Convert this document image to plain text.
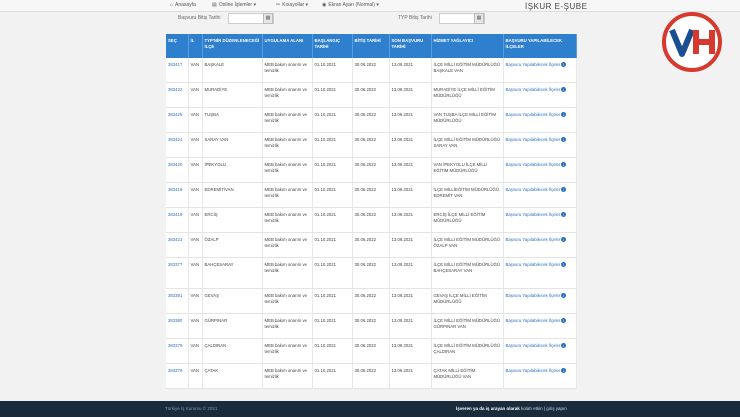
⌂ Anasayfa	▤ Online İşlemler ▾	✂ Kısayollar ▾	◉ Ekran Ayarı (Normal) ▾	İŞKUR E-ŞUBE
Başvuru Bitiş Tarihi	▦	TYP Bitiş Tarihi	▦
SEÇ	İL	TYP'NİN DÜZENLENECEĞİ İLÇE	UYGULAMA ALANI	BAŞLANGIÇ TARİHİ	BİTİŞ TARİHİ	SON BAŞVURU TARİHİ	HİZMET YAĞLAYICI	BAŞVURU YAPILABİLECEK İLÇELER
383417	VAN	BAŞKALE	MEB bakım onarım ve temizlik	01.10.2021	30.06.2022	13.09.2021	İLÇE MİLLİ EĞİTİM MÜDÜRLÜĞÜ BAŞKALE VAN	Başvuru Yapılabilecek İlçeler i
383422	VAN	MURADİYE	MEB bakım onarım ve temizlik	01.10.2021	30.06.2022	13.09.2021	MURADİYE İLÇE MİLLİ EĞİTİM MÜDÜRLÜĞÜ	Başvuru Yapılabilecek İlçeler i
383425	VAN	TUŞBA	MEB bakım onarım ve temizlik	01.10.2021	30.06.2022	13.09.2021	VAN TUŞBA İLÇE MİLLİ EĞİTİM MÜDÜRLÜĞÜ	Başvuru Yapılabilecek İlçeler i
383424	VAN	SARAY VAN	MEB bakım onarım ve temizlik	01.10.2021	30.06.2022	13.09.2021	İLÇE MİLLİ EĞİTİM MÜDÜRLÜĞÜ SARAY VAN	Başvuru Yapılabilecek İlçeler i
383420	VAN	İPEKYOLU	MEB bakım onarım ve temizlik	01.10.2021	30.06.2022	13.09.2021	VAN İPEKYOLU İLÇE MİLLİ EĞİTİM MÜDÜRLÜĞÜ	Başvuru Yapılabilecek İlçeler i
383418	VAN	EDREMİT/VAN	MEB bakım onarım ve temizlik	01.10.2021	30.06.2022	13.09.2021	İLÇE MİLLİEĞİTİM MÜDÜRLÜĞÜ EDREMİT VAN	Başvuru Yapılabilecek İlçeler i
383419	VAN	ERCİŞ	MEB bakım onarım ve temizlik	01.10.2021	30.06.2022	13.09.2021	ERCİŞ İLÇE MİLLİ EĞİTİM MÜDÜRLÜĞÜ	Başvuru Yapılabilecek İlçeler i
383423	VAN	ÖZALP	MEB bakım onarım ve temizlik	01.10.2021	30.06.2022	13.09.2021	İLÇE MİLLİ EĞİTİM MÜDÜRLÜĞÜ ÖZALP VAN	Başvuru Yapılabilecek İlçeler i
383377	VAN	BAHÇESARAY	MEB bakım onarım ve temizlik	01.10.2021	30.06.2022	13.09.2021	İLÇE MİLLİ EĞİTİM MÜDÜRLÜĞÜ BAHÇESARAY VAN	Başvuru Yapılabilecek İlçeler i
383381	VAN	GEVAŞ	MEB bakım onarım ve temizlik	01.10.2021	30.06.2022	13.09.2021	GEVAŞ İLÇE MİLLİ EĞİTİM MÜDÜRLÜĞÜ	Başvuru Yapılabilecek İlçeler i
383380	VAN	GÜRPINAR	MEB bakım onarım ve temizlik	01.10.2021	30.06.2022	13.09.2021	İLÇE MİLLİ EĞİTİM MÜDÜRLÜĞÜ GÜRPINAR VAN	Başvuru Yapılabilecek İlçeler i
383379	VAN	ÇALDIRAN	MEB bakım onarım ve temizlik	01.10.2021	30.06.2022	13.09.2021	İLÇE MİLLİ EĞİTİM MÜDÜRLÜĞÜ ÇALDIRAN	Başvuru Yapılabilecek İlçeler i
383378	VAN	ÇATAK	MEB bakım onarım ve temizlik	01.10.2021	30.06.2022	13.09.2021	ÇATAK MİLLİ EĞİTİM MÜDÜRLÜĞÜ VAN	Başvuru Yapılabilecek İlçeler i
Türkiye İş Kurumu © 2021	İşveren ya da iş arayan olarak kolah etkin | giriş yapın
